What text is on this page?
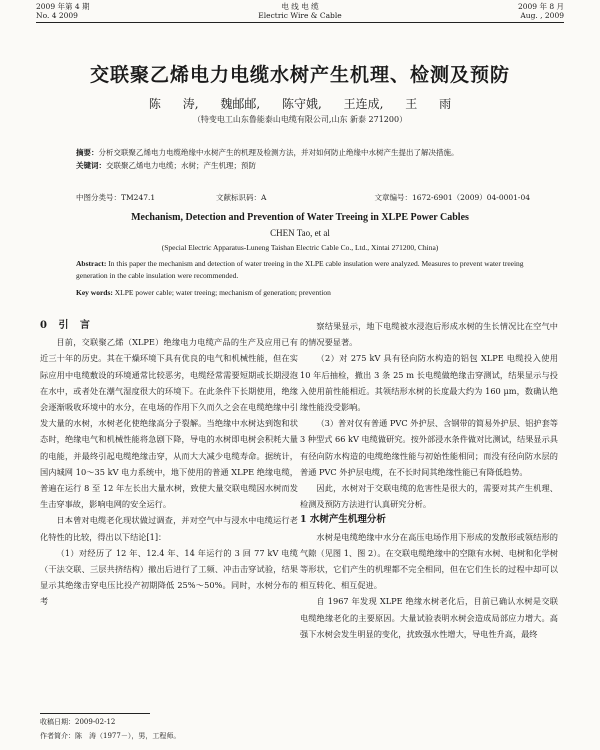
2009 年第 4 期
No. 4 2009
电 线 电 缆
Electric Wire & Cable
2009 年 8 月
Aug. , 2009
交联聚乙烯电力电缆水树产生机理、检测及预防
陈 涛, 魏邮邮, 陈守娥, 王连成, 王 雨
（特变电工山东鲁能泰山电缆有限公司,山东 新泰 271200）
摘要：分析交联聚乙烯电力电缆绝缘中水树产生的机理及检测方法，并对如何防止绝缘中水树产生提出了解决措施。
关键词：交联聚乙烯电力电缆；水树；产生机理；预防
中图分类号：TM247.1	文献标识码：A	文章编号：1672-6901（2009）04-0001-04
Mechanism, Detection and Prevention of Water Treeing in XLPE Power Cables
CHEN Tao, et al
(Special Electric Apparatus-Luneng Taishan Electric Cable Co., Ltd., Xintai 271200, China)
Abstract: In this paper the mechanism and detection of water treeing in the XLPE cable insulation were analyzed. Measures to prevent water treeing generation in the cable insulation were recommended.
Key words: XLPE power cable; water treeing; mechanism of generation; prevention

0 引 言

目前，交联聚乙烯（XLPE）绝缘电力电缆产品的生产及应用已有近三十年的历史。其在干燥环境下具有优良的电气和机械性能，但在实际应用中电缆敷设的环境通常比较恶劣，电缆经常需要短期或长期浸泡在水中，或者处在潮气湿度很大的环境下。在此条件下长期使用，绝缘会逐渐吸收环境中的水分，在电场的作用下久而久之会在电缆绝缘中引发大量的水树，水树老化使绝缘高分子裂解。当绝缘中水树达到饱和状态时，绝缘电气和机械性能将急剧下降，导电的水树即电树会积耗大量的电能，并最终引起电缆绝缘击穿，从而大大减少电缆寿命。据统计，国内城网 10～35 kV 电力系统中，地下使用的普通 XLPE 绝缘电缆，普遍在运行 8 至 12 年左长出大量水树，致使大量交联电缆因水树而发生击穿事故，影响电网的安全运行。

日本曾对电缆老化现状做过调查，并对空气中与浸水中电缆运行老化特性的比较，得出以下结论[1]：

（1）对经历了 12 年、12.4 年、14 年运行的 3 回 77 kV 电缆（干法交联、三层共挤结构）撤出后进行了工频、冲击击穿试验，结果显示其绝缘击穿电压比投产初期降低 25%～50%。同时，水树分布的考

察结果显示，地下电缆被水浸泡后形成水树的生长情况比在空气中的情况要显著。

（2）对 275 kV 具有径向防水构造的铝包 XLPE 电缆投入使用 10 年后抽检，撤出 3 条 25 m 长电缆做绝缘击穿测试，结果显示与投入使用前性能相近。其领结形水树的长度最大约为 160 μm，数确认绝缘性能没受影响。

（3）普对仅有普通 PVC 外护层、含钢带的简易外护层、铝护套等 3 种型式 66 kV 电缆做研究。按外部浸水条件做对比测试，结果显示具有径向防水构造的电缆绝缘性能与初始性能相同；而没有径向防水层的普通 PVC 外护层电缆，在不长时间其绝缘性能已有降低趋势。

因此，水树对于交联电缆的危害性是很大的，需要对其产生机理、检测及预防方法进行认真研究分析。

1 水树产生机理分析

水树是电缆绝缘中水分在高压电场作用下形成的发散形或领结形的气隙（见图 1、图 2）。在交联电缆绝缘中的空隙有水树、电树和化学树等形状，它们产生的机理都不完全相同，但在它们生长的过程中却可以相互转化、相互促进。

自 1967 年发现 XLPE 绝缘水树老化后，目前已确认水树是交联电缆绝缘老化的主要原因。大量试验表明水树会造成局部应力增大。高强下水树会发生明显的变化，扰致强水性增大，导电性升高，最终

收稿日期：2009-02-12
作者简介：陈　涛（1977－），男，工程师。
